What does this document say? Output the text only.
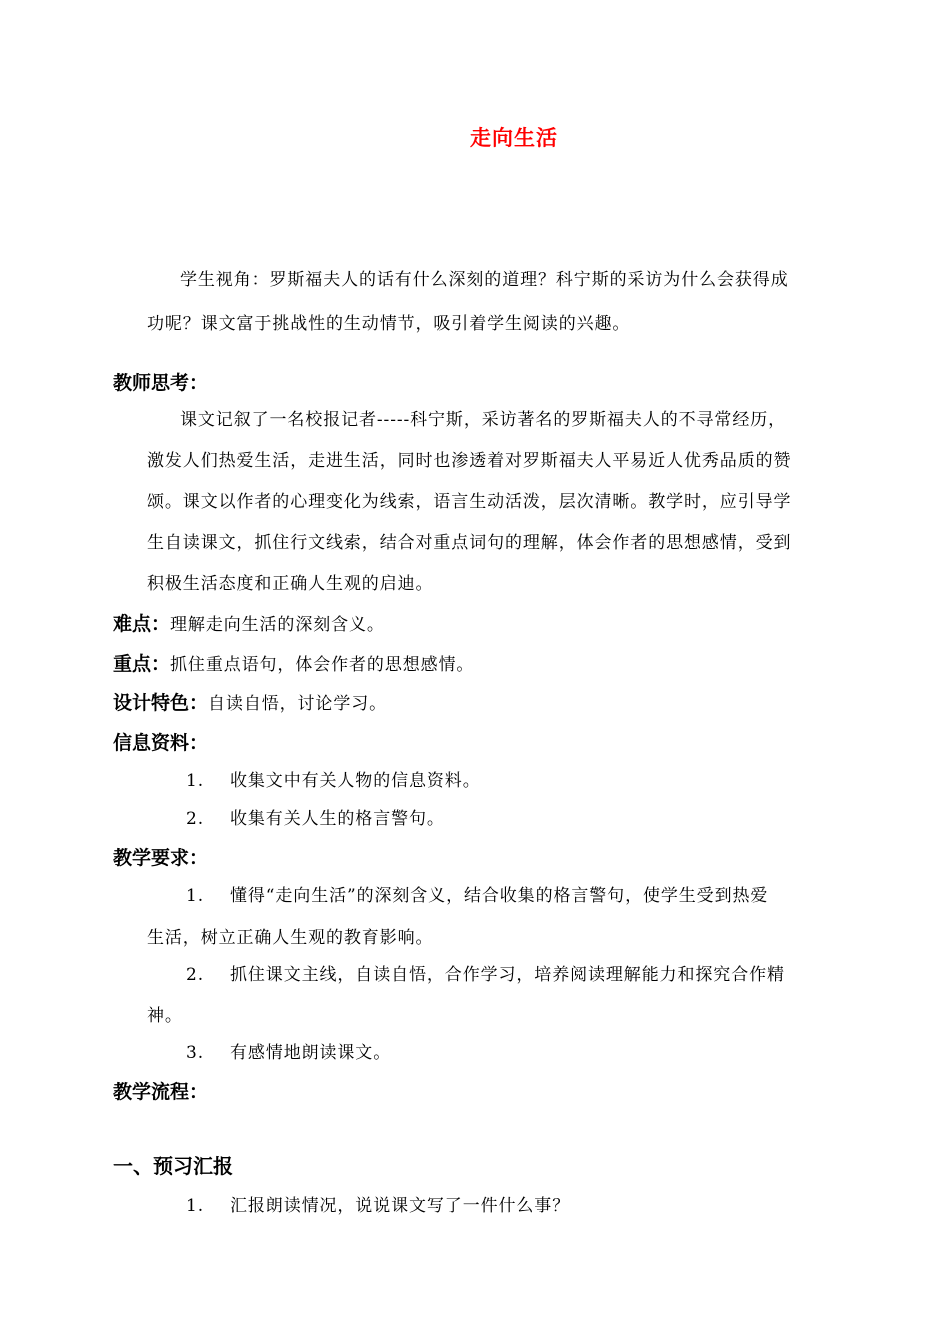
走向生活
学生视角：罗斯福夫人的话有什么深刻的道理？科宁斯的采访为什么会获得成
功呢？课文富于挑战性的生动情节，吸引着学生阅读的兴趣。
教师思考：
课文记叙了一名校报记者-----科宁斯，采访著名的罗斯福夫人的不寻常经历，
激发人们热爱生活，走进生活，同时也渗透着对罗斯福夫人平易近人优秀品质的赞
颂。课文以作者的心理变化为线索，语言生动活泼，层次清晰。教学时，应引导学
生自读课文，抓住行文线索，结合对重点词句的理解，体会作者的思想感情，受到
积极生活态度和正确人生观的启迪。
难点：理解走向生活的深刻含义。
重点：抓住重点语句，体会作者的思想感情。
设计特色：自读自悟，讨论学习。
信息资料：
1. 收集文中有关人物的信息资料。
2. 收集有关人生的格言警句。
教学要求：
1. 懂得“走向生活”的深刻含义，结合收集的格言警句，使学生受到热爱
生活，树立正确人生观的教育影响。
2. 抓住课文主线，自读自悟，合作学习，培养阅读理解能力和探究合作精
神。
3. 有感情地朗读课文。
教学流程：
一、预习汇报
1. 汇报朗读情况，说说课文写了一件什么事？
